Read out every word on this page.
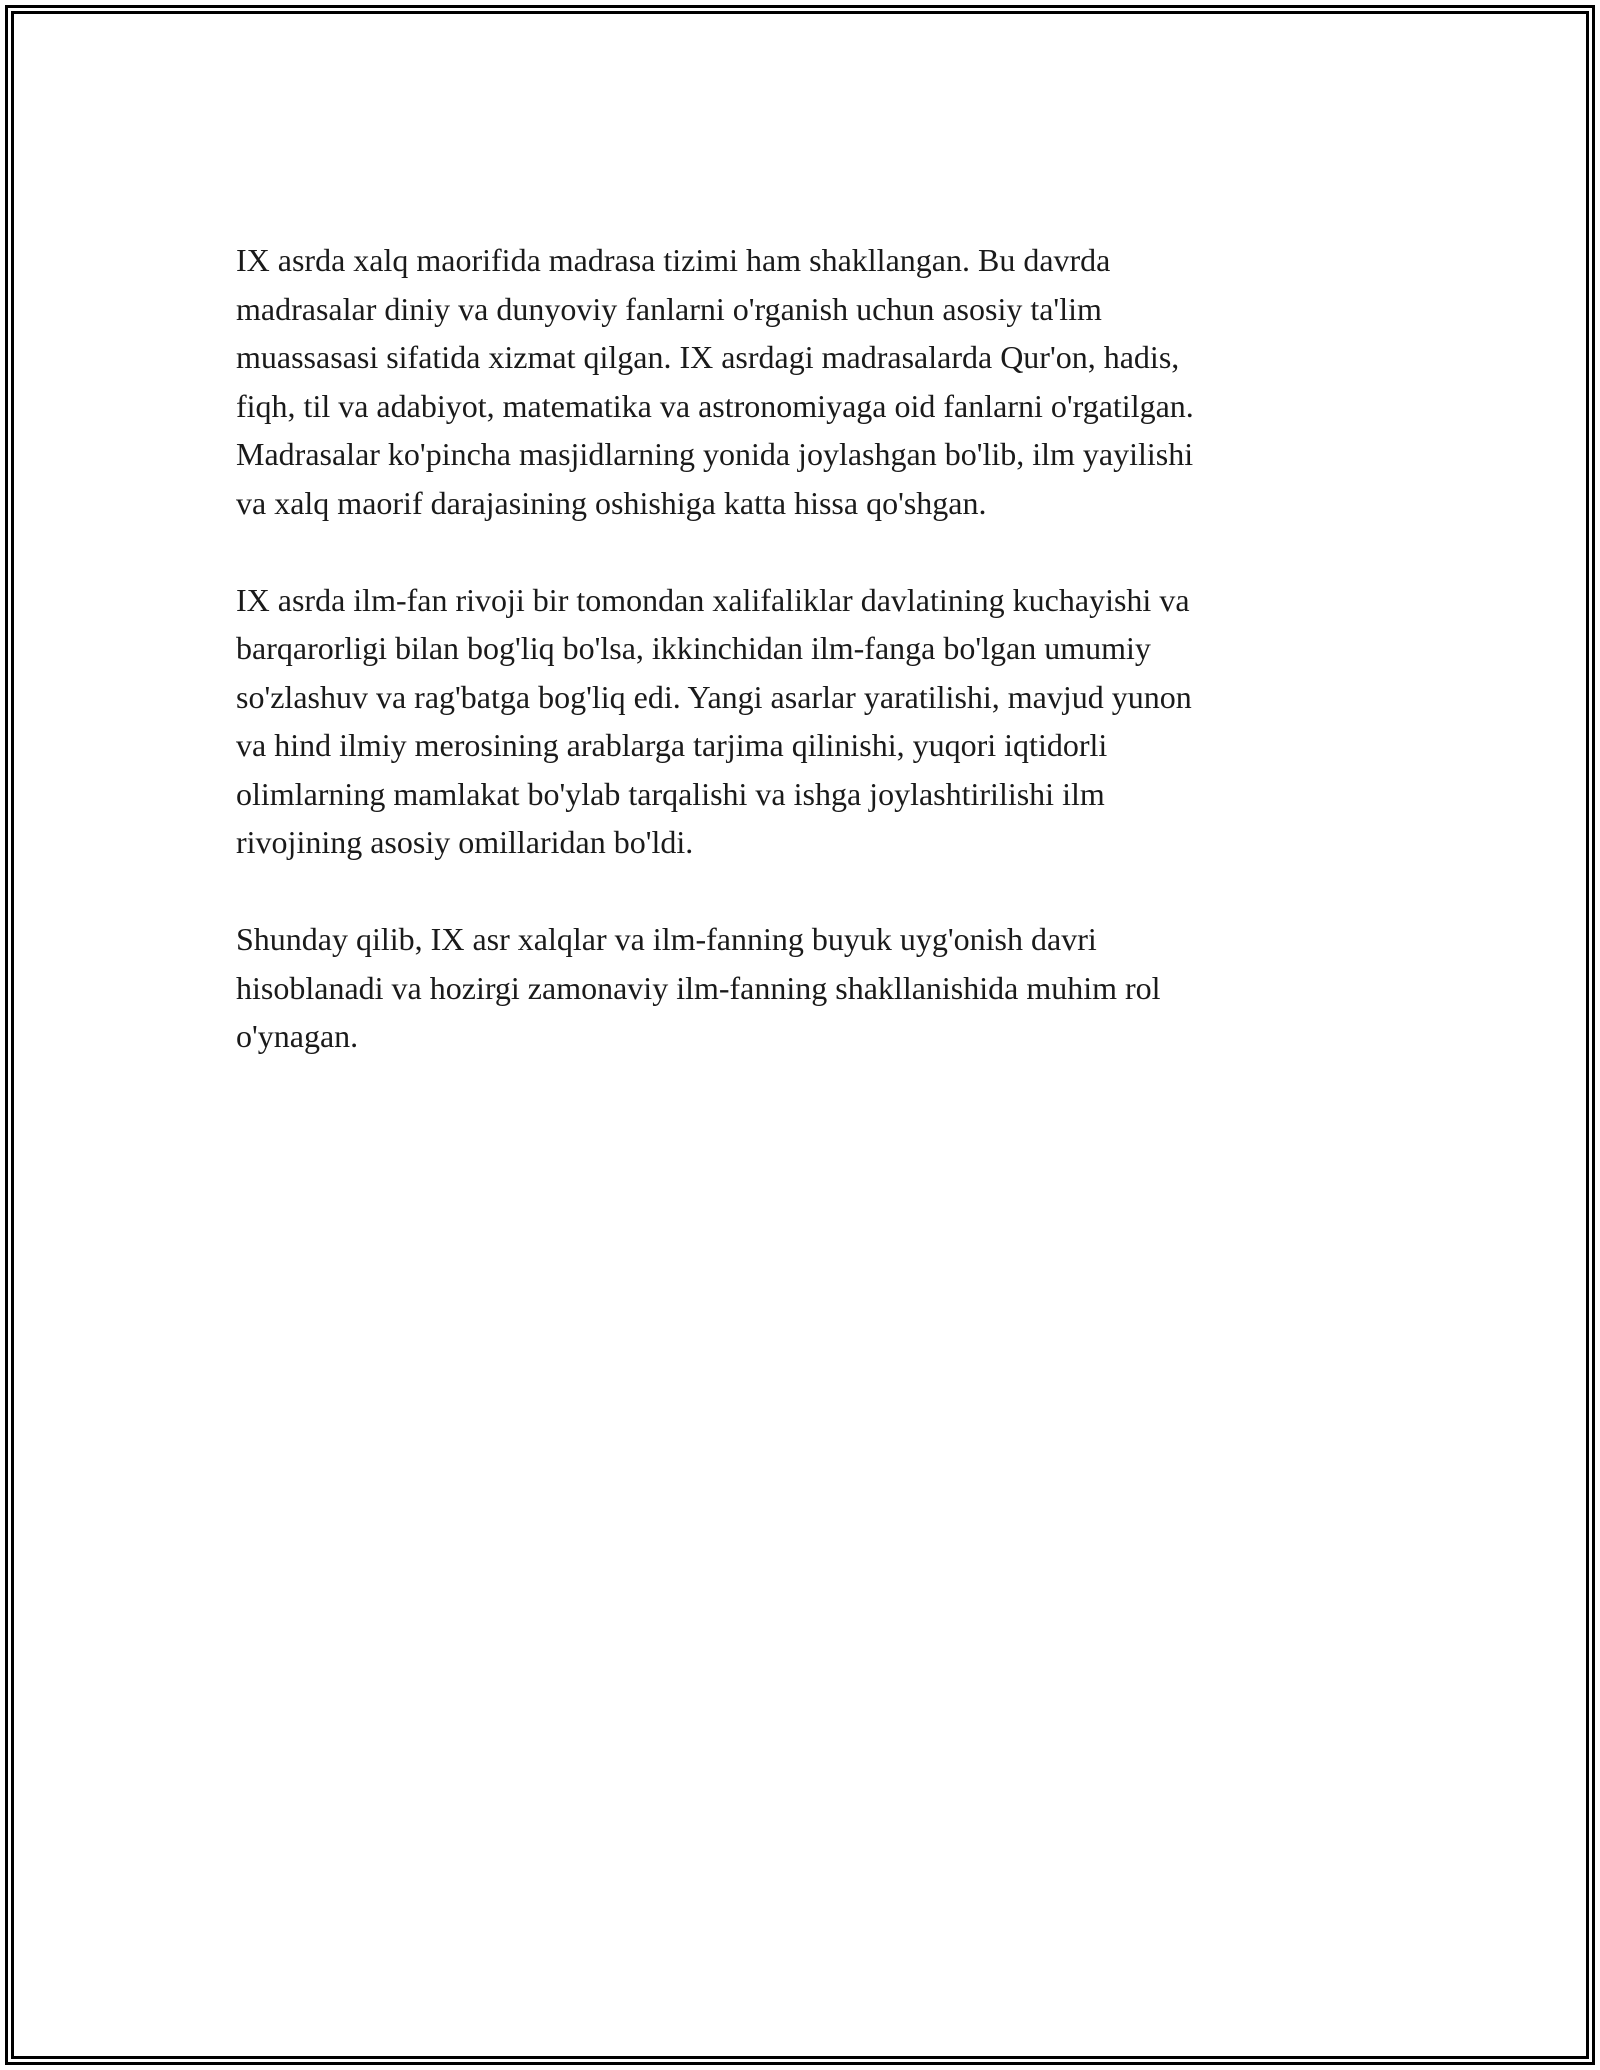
IX asrda xalq maorifida madrasa tizimi ham shakllangan. Bu davrda
madrasalar diniy va dunyoviy fanlarni o'rganish uchun asosiy ta'lim
muassasasi sifatida xizmat qilgan. IX asrdagi madrasalarda Qur'on, hadis,
fiqh, til va adabiyot, matematika va astronomiyaga oid fanlarni o'rgatilgan.
Madrasalar ko'pincha masjidlarning yonida joylashgan bo'lib, ilm yayilishi
va xalq maorif darajasining oshishiga katta hissa qo'shgan.

IX asrda ilm-fan rivoji bir tomondan xalifaliklar davlatining kuchayishi va
barqarorligi bilan bog'liq bo'lsa, ikkinchidan ilm-fanga bo'lgan umumiy
so'zlashuv va rag'batga bog'liq edi. Yangi asarlar yaratilishi, mavjud yunon
va hind ilmiy merosining arablarga tarjima qilinishi, yuqori iqtidorli
olimlarning mamlakat bo'ylab tarqalishi va ishga joylashtirilishi ilm
rivojining asosiy omillaridan bo'ldi.

Shunday qilib, IX asr xalqlar va ilm-fanning buyuk uyg'onish davri
hisoblanadi va hozirgi zamonaviy ilm-fanning shakllanishida muhim rol
o'ynagan.
